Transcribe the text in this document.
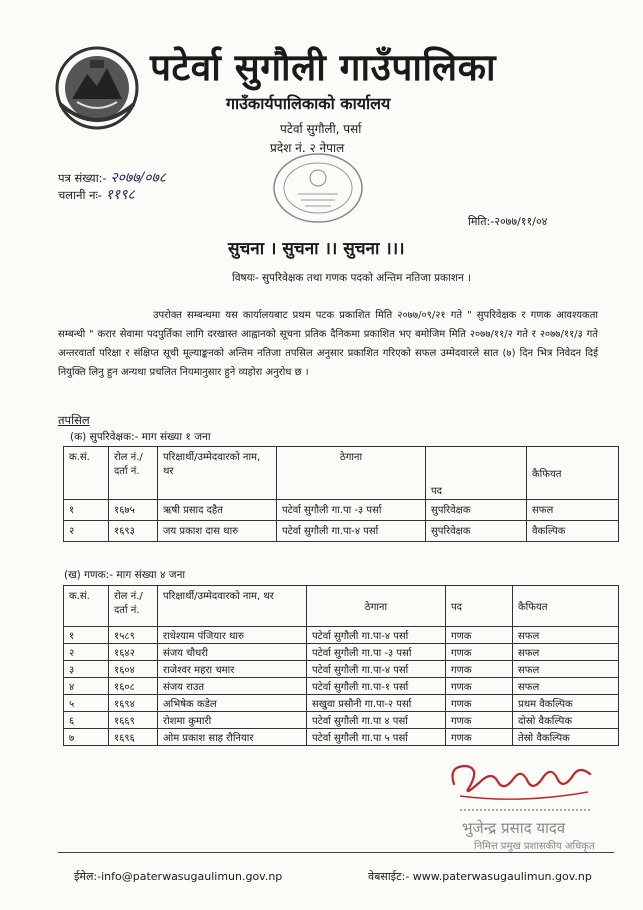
पटेर्वा सुगौली गाउँपालिका
गाउँकार्यपालिकाको कार्यालय
पटेर्वा सुगौली, पर्सा
प्रदेश नं. २ नेपाल
पत्र संख्या:- २०७७/०७८
चलानी नः- ११९८
मिति:-२०७७/११/०४
सुचना । सुचना ।। सुचना ।।।
विषयः- सुपरिवेक्षक तथा गणक पदको अन्तिम नतिजा प्रकाशन ।
उपरोक्त सम्बन्धमा यस कार्यालयबाट प्रथम पटक प्रकाशित मिति २०७७/०९/२१ गते " सुपरिवेक्षक र गणक आवश्यकता सम्बन्धी " करार सेवामा पदपुर्तिका लागि दरखास्त आह्वानको सूचना प्रतिक दैनिकमा प्रकाशित भए बमोजिम मिति २०७७/११/२ गते र २०७७/११/३ गते अन्तरवार्ता परिक्षा र संक्षिप्त सूची मूल्याङ्कनको अन्तिम नतिजा तपसिल अनुसार प्रकाशित गरिएको सफल उम्मेदवारले सात (७) दिन भित्र निवेदन दिई नियुक्ति लिनु हुन अन्यथा प्रचलित नियमानुसार हुने व्यहोरा अनुरोध छ ।
तपसिल
(क) सुपरिवेक्षक:- माग संख्या १ जना
क.सं.	रोल नं./दर्ता नं.	परिक्षार्थी/उम्मेदवारको नाम, थर	ठेगाना	पद	कैफियत
१	१६७५	ऋषी प्रसाद दहैत	पटेर्वा सुगौली गा.पा -३ पर्सा	सुपरिवेक्षक	सफल
२	१६९३	जय प्रकाश दास थारु	पटेर्वा सुगौली गा.पा-४ पर्सा	सुपरिवेक्षक	वैकल्पिक
(ख) गणक:- माग संख्या ४ जना
क.सं.	रोल नं./दर्ता नं.	परिक्षार्थी/उम्मेदवारको नाम, थर	ठेगाना	पद	कैफियत
१	१५८९	राधेश्याम पंजियार थारु	पटेर्वा सुगौली गा.पा-४ पर्सा	गणक	सफल
२	१६४२	संजय चौधरी	पटेर्वा सुगौली गा.पा -३ पर्सा	गणक	सफल
३	१६०४	राजेश्वर महरा चमार	पटेर्वा सुगौली गा.पा-४ पर्सा	गणक	सफल
४	१६०८	संजय राउत	पटेर्वा सुगौली गा.पा-१ पर्सा	गणक	सफल
५	१६९४	अभिषेक कडेल	सखुवा प्रसौनी गा.पा-२ पर्सा	गणक	प्रथम वैकल्पिक
६	१६६९	रोशमा कुमारी	पटेर्वा सुगौली गा.पा ४ पर्सा	गणक	दोस्रो वैकल्पिक
७	१६९६	ओम प्रकाश साह रौनियार	पटेर्वा सुगौली गा.पा ५ पर्सा	गणक	तेस्रो वैकल्पिक
भुजेन्द्र प्रसाद यादव
निमित्त प्रमुख प्रशासकीय अधिकृत
ईमेल:-info@paterwasugaulimun.gov.np	वेबसाईट:- www.paterwasugaulimun.gov.np
